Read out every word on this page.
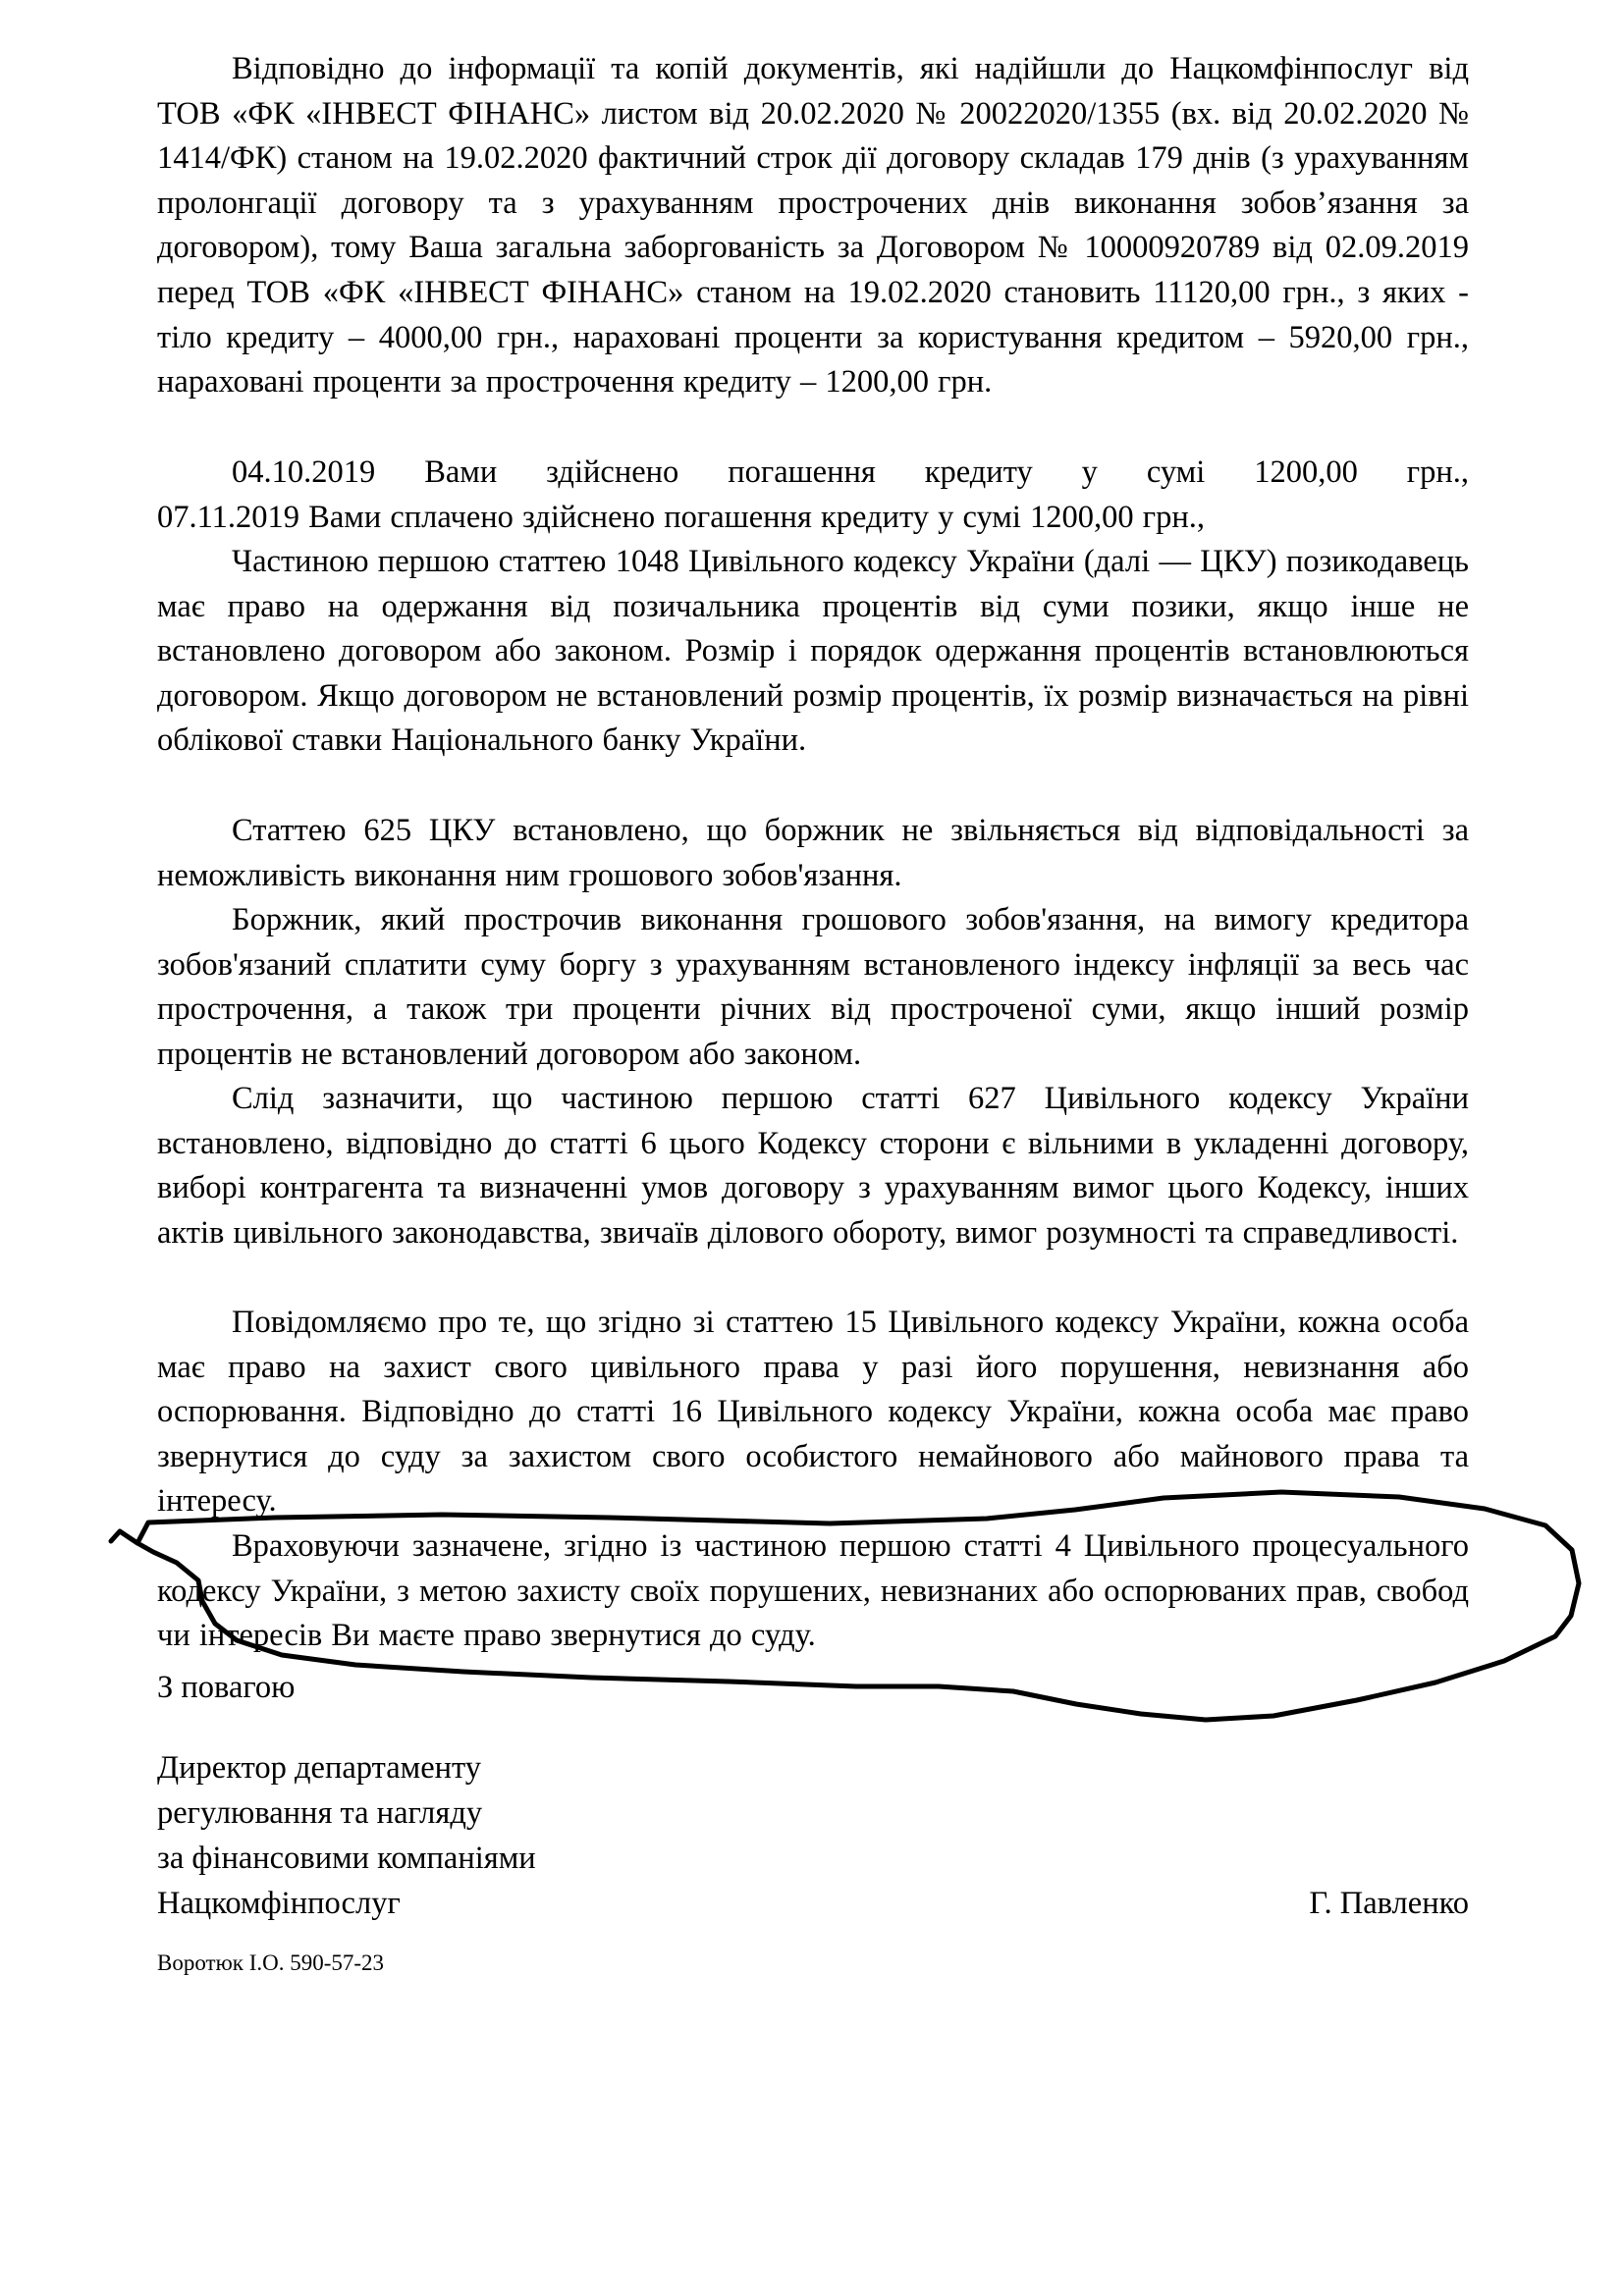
Відповідно до інформації та копій документів, які надійшли до Нацкомфінпослуг від ТОВ «ФК «ІНВЕСТ ФІНАНС» листом від 20.02.2020 № 20022020/1355 (вх. від 20.02.2020 № 1414/ФК) станом на 19.02.2020 фактичний строк дії договору складав 179 днів (з урахуванням пролонгації договору та з урахуванням прострочених днів виконання зобов’язання за договором), тому Ваша загальна заборгованість за Договором № 10000920789 від 02.09.2019 перед ТОВ «ФК «ІНВЕСТ ФІНАНС» станом на 19.02.2020 становить 11120,00 грн., з яких - тіло кредиту – 4000,00 грн., нараховані проценти за користування кредитом – 5920,00 грн., нараховані проценти за прострочення кредиту – 1200,00 грн.

04.10.2019 Вами здійснено погашення кредиту у сумі 1200,00 грн.,

07.11.2019 Вами сплачено здійснено погашення кредиту у сумі 1200,00 грн.,

Частиною першою статтею 1048 Цивільного кодексу України (далі — ЦКУ) позикодавець має право на одержання від позичальника процентів від суми позики, якщо інше не встановлено договором або законом. Розмір і порядок одержання процентів встановлюються договором. Якщо договором не встановлений розмір процентів, їх розмір визначається на рівні облікової ставки Національного банку України.

Статтею 625 ЦКУ встановлено, що боржник не звільняється від відповідальності за неможливість виконання ним грошового зобов'язання.

Боржник, який прострочив виконання грошового зобов'язання, на вимогу кредитора зобов'язаний сплатити суму боргу з урахуванням встановленого індексу інфляції за весь час прострочення, а також три проценти річних від простроченої суми, якщо інший розмір процентів не встановлений договором або законом.

Слід зазначити, що частиною першою статті 627 Цивільного кодексу України встановлено, відповідно до статті 6 цього Кодексу сторони є вільними в укладенні договору, виборі контрагента та визначенні умов договору з урахуванням вимог цього Кодексу, інших актів цивільного законодавства, звичаїв ділового обороту, вимог розумності та справедливості.

Повідомляємо про те, що згідно зі статтею 15 Цивільного кодексу України, кожна особа має право на захист свого цивільного права у разі його порушення, невизнання або оспорювання. Відповідно до статті 16 Цивільного кодексу України, кожна особа має право звернутися до суду за захистом свого особистого немайнового або майнового права та інтересу.

Враховуючи зазначене, згідно із частиною першою статті 4 Цивільного процесуального кодексу України, з метою захисту своїх порушених, невизнаних або оспорюваних прав, свобод чи інтересів Ви маєте право звернутися до суду.

З повагою
Директор департаменту
регулювання та нагляду
за фінансовими компаніями
Нацкомфінпослуг	Г. Павленко
Воротюк І.О. 590-57-23
